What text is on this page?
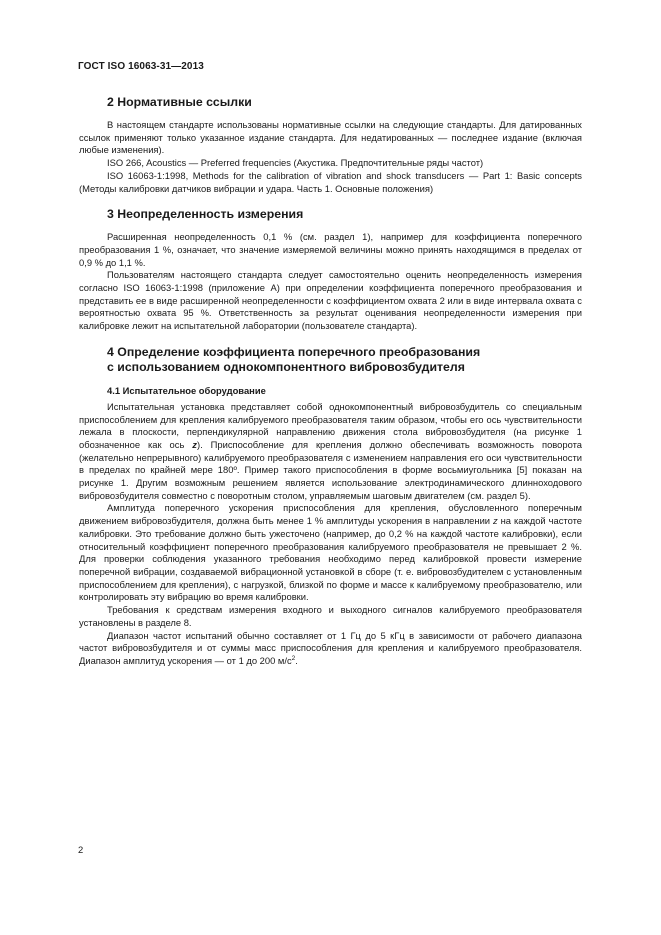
ГОСТ ISO 16063-31—2013
2 Нормативные ссылки

В настоящем стандарте использованы нормативные ссылки на следующие стандарты. Для датированных ссылок применяют только указанное издание стандарта. Для недатированных — последнее издание (включая любые изменения).

ISO 266, Acoustics — Preferred frequencies (Акустика. Предпочтительные ряды частот)

ISO 16063-1:1998, Methods for the calibration of vibration and shock transducers — Part 1: Basic concepts (Методы калибровки датчиков вибрации и удара. Часть 1. Основные положения)

3 Неопределенность измерения

Расширенная неопределенность 0,1 % (см. раздел 1), например для коэффициента поперечного преобразования 1 %, означает, что значение измеряемой величины можно принять находящимся в пределах от 0,9 % до 1,1 %.

Пользователям настоящего стандарта следует самостоятельно оценить неопределенность измерения согласно ISO 16063-1:1998 (приложение А) при определении коэффициента поперечного преобразования и представить ее в виде расширенной неопределенности с коэффициентом охвата 2 или в виде интервала охвата с вероятностью охвата 95 %. Ответственность за результат оценивания неопределенности измерения при калибровке лежит на испытательной лаборатории (пользователе стандарта).

4 Определение коэффициента поперечного преобразования
с использованием однокомпонентного вибровозбудителя
4.1 Испытательное оборудование

Испытательная установка представляет собой однокомпонентный вибровозбудитель со специальным приспособлением для крепления калибруемого преобразователя таким образом, чтобы его ось чувствительности лежала в плоскости, перпендикулярной направлению движения стола вибровозбудителя (на рисунке 1 обозначенное как ось z). Приспособление для крепления должно обеспечивать возможность поворота (желательно непрерывного) калибруемого преобразователя с изменением направления его оси чувствительности в пределах по крайней мере 180º. Пример такого приспособления в форме восьмиугольника [5] показан на рисунке 1. Другим возможным решением является использование электродинамического длинноходового вибровозбудителя совместно с поворотным столом, управляемым шаговым двигателем (см. раздел 5).

Амплитуда поперечного ускорения приспособления для крепления, обусловленного поперечным движением вибровозбудителя, должна быть менее 1 % амплитуды ускорения в направлении z на каждой частоте калибровки. Это требование должно быть ужесточено (например, до 0,2 % на каждой частоте калибровки), если относительный коэффициент поперечного преобразования калибруемого преобразователя не превышает 2 %. Для проверки соблюдения указанного требования необходимо перед калибровкой провести измерение поперечной вибрации, создаваемой вибрационной установкой в сборе (т. е. вибровозбудителем с установленным приспособлением для крепления), с нагрузкой, близкой по форме и массе к калибруемому преобразователю, или контролировать эту вибрацию во время калибровки.

Требования к средствам измерения входного и выходного сигналов калибруемого преобразователя установлены в разделе 8.

Диапазон частот испытаний обычно составляет от 1 Гц до 5 кГц в зависимости от рабочего диапазона частот вибровозбудителя и от суммы масс приспособления для крепления и калибруемого преобразователя. Диапазон амплитуд ускорения — от 1 до 200 $м/с^2$.

2
